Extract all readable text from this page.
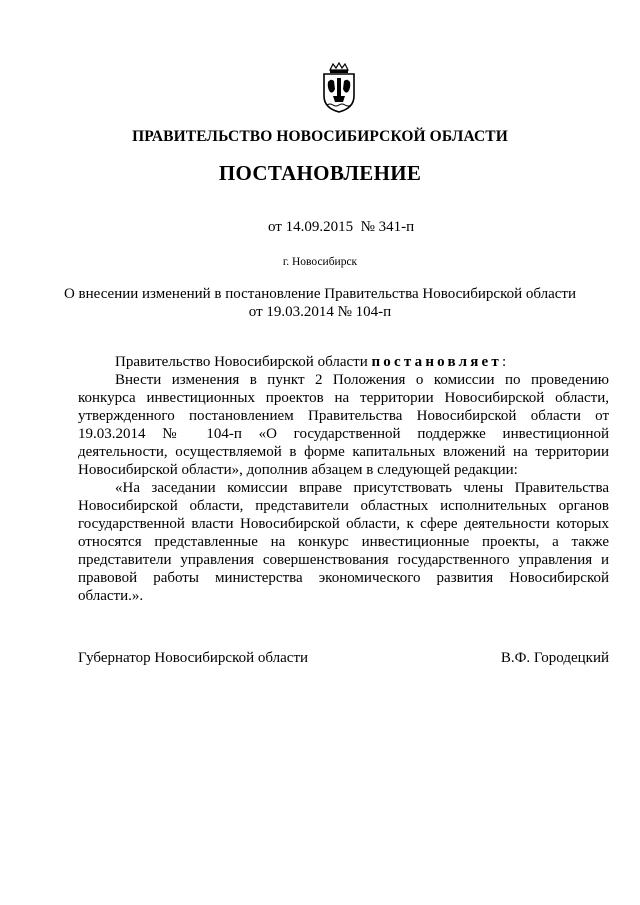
ПРАВИТЕЛЬСТВО НОВОСИБИРСКОЙ ОБЛАСТИ
ПОСТАНОВЛЕНИЕ
от 14.09.2015  № 341-п
г. Новосибирск
О внесении изменений в постановление Правительства Новосибирской области
от 19.03.2014 № 104-п

Правительство Новосибирской области постановляет:

Внести изменения в пункт 2 Положения о комиссии по проведению конкурса инвестиционных проектов на территории Новосибирской области, утвержденного постановлением Правительства Новосибирской области от 19.03.2014 № 104-п «О государственной поддержке инвестиционной деятельности, осуществляемой в форме капитальных вложений на территории Новосибирской области», дополнив абзацем в следующей редакции:

«На заседании комиссии вправе присутствовать члены Правительства Новосибирской области, представители областных исполнительных органов государственной власти Новосибирской области, к сфере деятельности которых относятся представленные на конкурс инвестиционные проекты, а также представители управления совершенствования государственного управления и правовой работы министерства экономического развития Новосибирской области.».

Губернатор Новосибирской области	В.Ф. Городецкий
